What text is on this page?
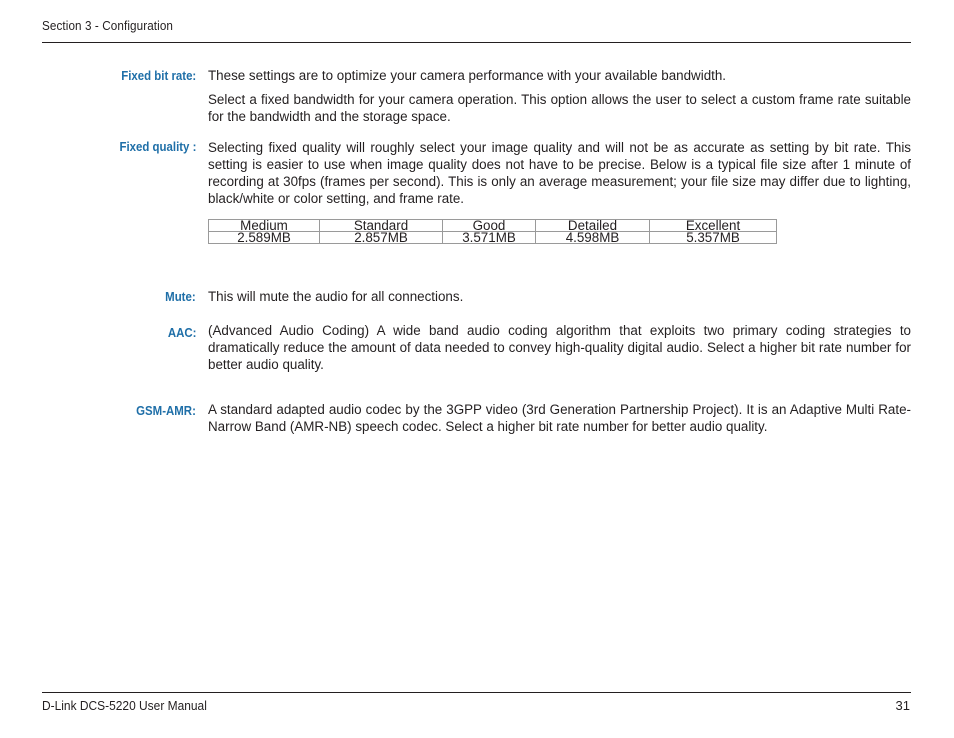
Section 3 - Configuration
Fixed bit rate: These settings are to optimize your camera performance with your available bandwidth.
Select a fixed bandwidth for your camera operation. This option allows the user to select a custom frame rate suitable for the bandwidth and the storage space.
Fixed quality : Selecting fixed quality will roughly select your image quality and will not be as accurate as setting by bit rate. This setting is easier to use when image quality does not have to be precise. Below is a typical file size after 1 minute of recording at 30fps (frames per second). This is only an average measurement; your file size may differ due to lighting, black/white or color setting, and frame rate.
Medium	Standard	Good	Detailed	Excellent
2.589MB	2.857MB	3.571MB	4.598MB	5.357MB
Mute: This will mute the audio for all connections.
AAC: (Advanced Audio Coding) A wide band audio coding algorithm that exploits two primary coding strategies to dramatically reduce the amount of data needed to convey high-quality digital audio. Select a higher bit rate number for better audio quality.
GSM-AMR: A standard adapted audio codec by the 3GPP video (3rd Generation Partnership Project). It is an Adaptive Multi Rate-Narrow Band (AMR-NB) speech codec. Select a higher bit rate number for better audio quality.
D-Link DCS-5220 User Manual	31
